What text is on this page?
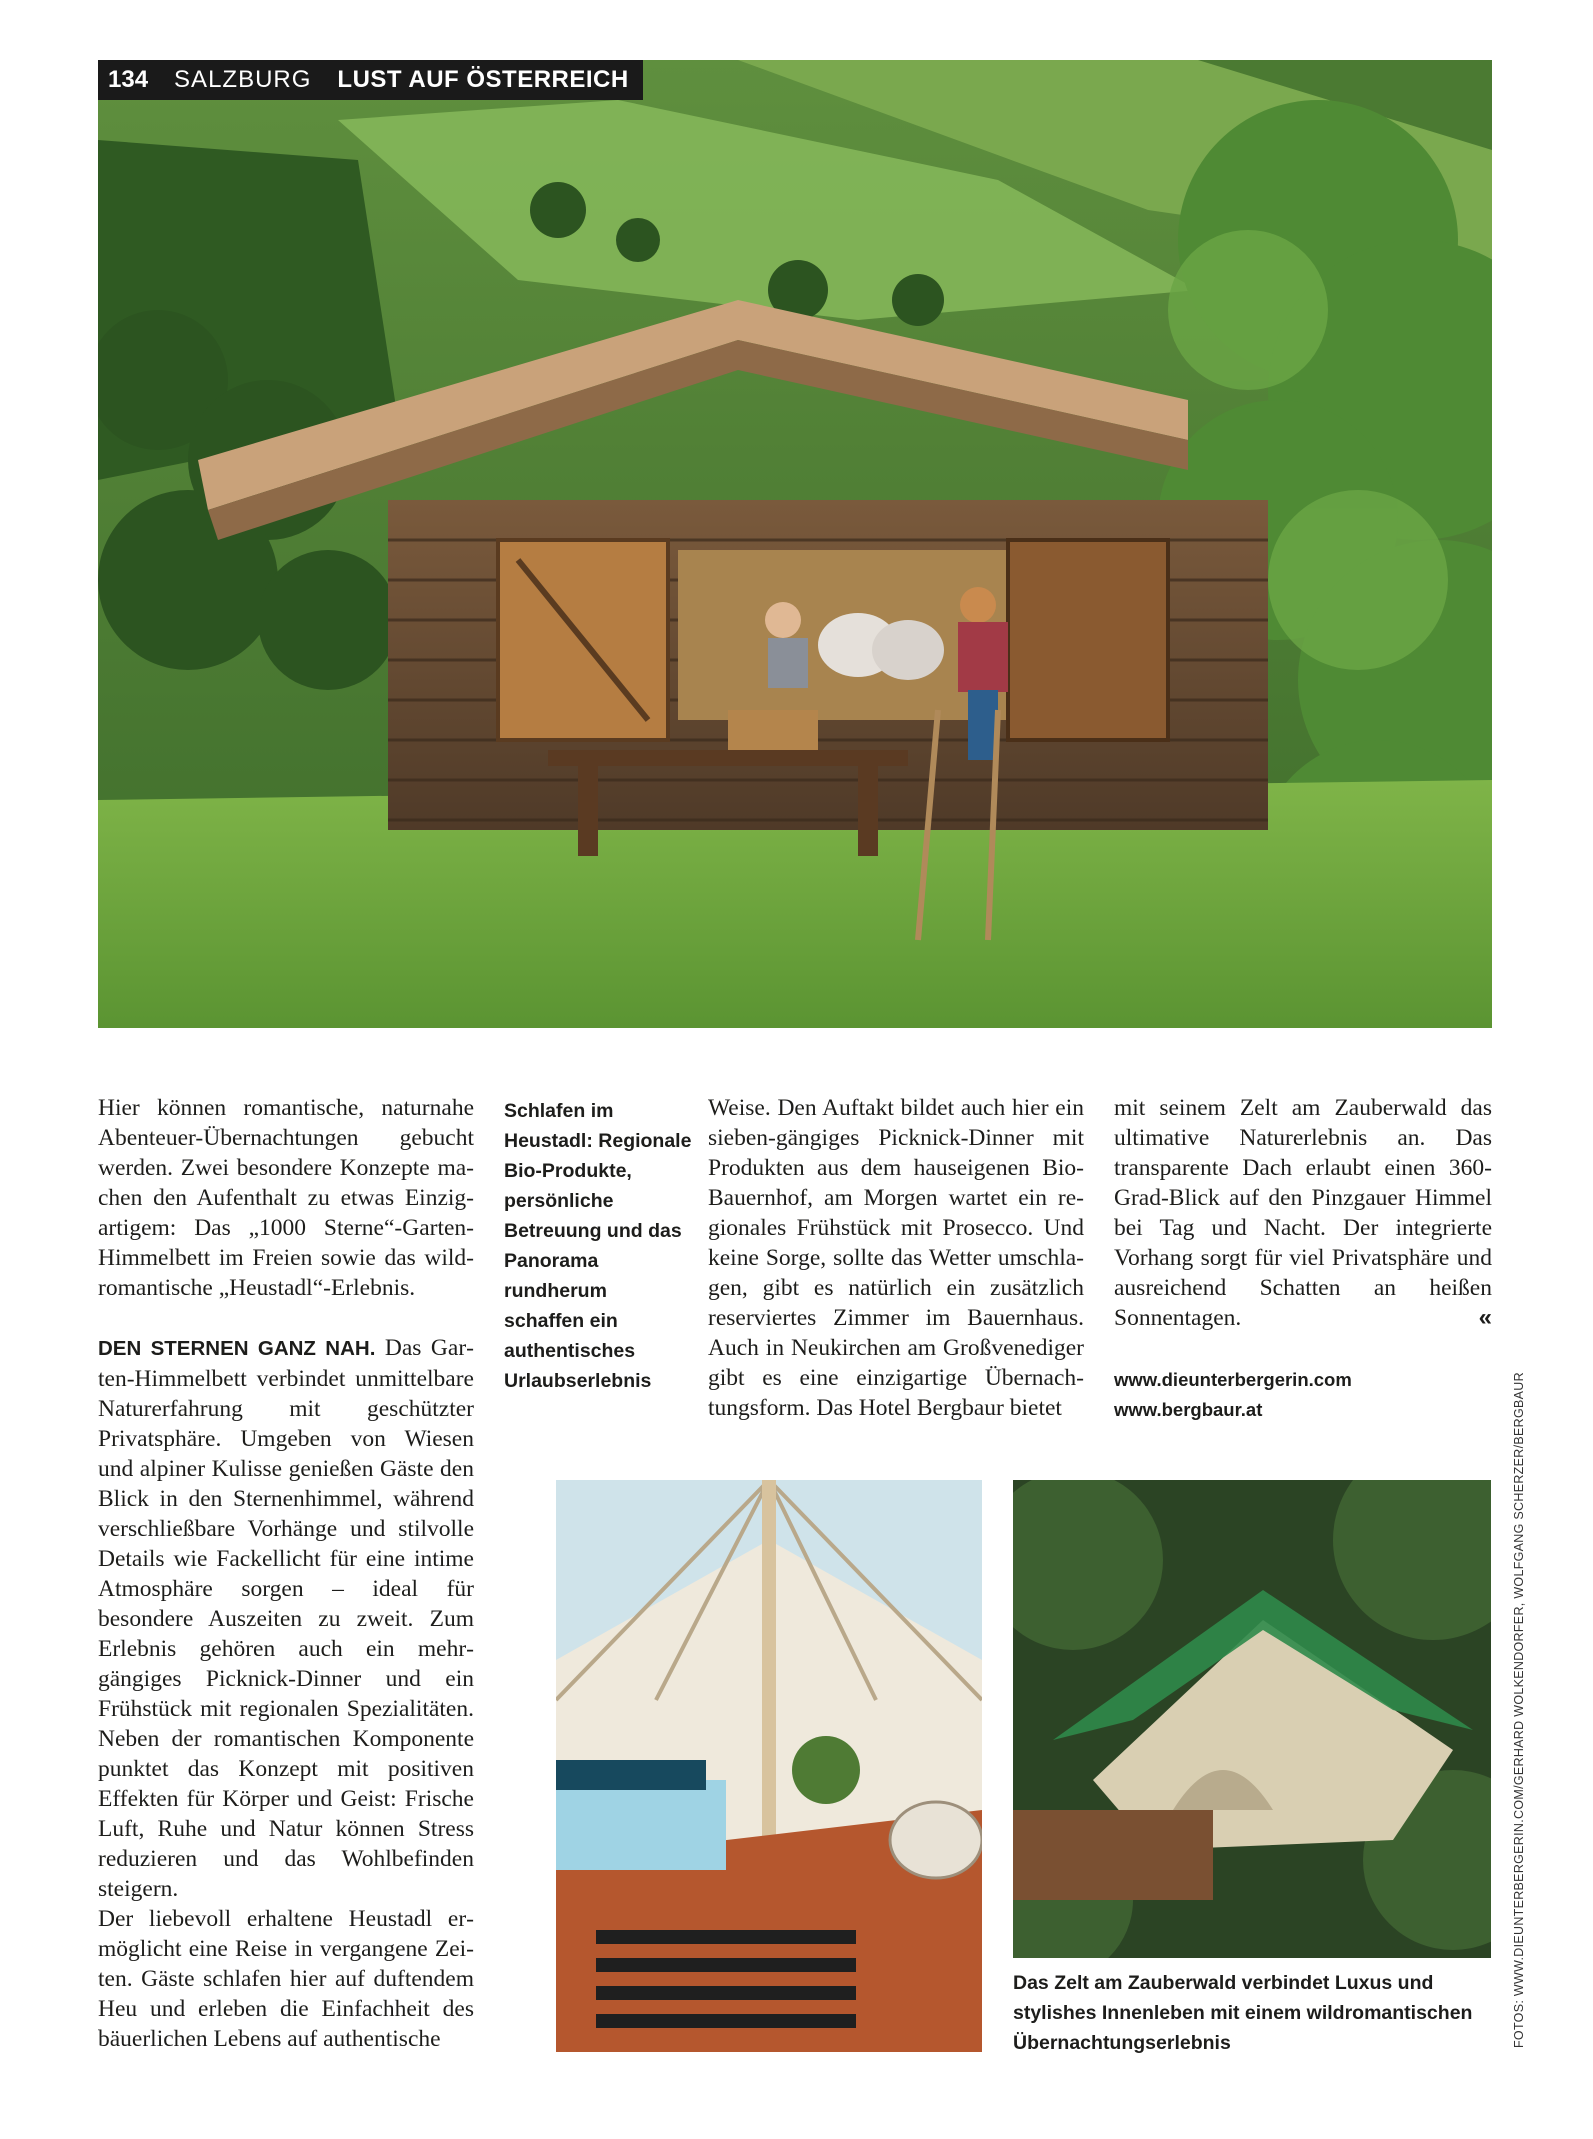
134 SALZBURG LUST AUF ÖSTERREICH

Hier können romantische, naturnahe Abenteuer-Übernachtungen gebucht werden. Zwei besondere Konzepte machen den Aufenthalt zu etwas Einzigartigem: Das „1000 Sterne“-Garten-Himmelbett im Freien sowie das wildromantische „Heustadl“-Erlebnis.

DEN STERNEN GANZ NAH. Das Garten-Himmelbett verbindet unmittelbare Naturerfahrung mit geschützter Privatsphäre. Umgeben von Wiesen und alpiner Kulisse genießen Gäste den Blick in den Sternenhimmel, während verschließbare Vorhänge und stilvolle Details wie Fackellicht für eine intime Atmosphäre sorgen – ideal für besondere Auszeiten zu zweit. Zum Erlebnis gehören auch ein mehrgängiges Picknick-Dinner und ein Frühstück mit regionalen Spezialitäten. Neben der romantischen Komponente punktet das Konzept mit positiven Effekten für Körper und Geist: Frische Luft, Ruhe und Natur können Stress reduzieren und das Wohlbefinden steigern.

Der liebevoll erhaltene Heustadl ermöglicht eine Reise in vergangene Zeiten. Gäste schlafen hier auf duftendem Heu und erleben die Einfachheit des bäuerlichen Lebens auf authentische

Schlafen im Heustadl: Regionale Bio-Produkte, persönliche Betreuung und das Panorama rundherum schaffen ein authentisches Urlaubserlebnis

Weise. Den Auftakt bildet auch hier ein sieben-gängiges Picknick-Dinner mit Produkten aus dem hauseigenen Bio-Bauernhof, am Morgen wartet ein regionales Frühstück mit Prosecco. Und keine Sorge, sollte das Wetter umschlagen, gibt es natürlich ein zusätzlich reserviertes Zimmer im Bauernhaus. Auch in Neukirchen am Großvenediger gibt es eine einzigartige Übernachtungsform. Das Hotel Bergbaur bietet

mit seinem Zelt am Zauberwald das ultimative Naturerlebnis an. Das transparente Dach erlaubt einen 360-Grad-Blick auf den Pinzgauer Himmel bei Tag und Nacht. Der integrierte Vorhang sorgt für viel Privatsphäre und ausreichend Schatten an heißen Sonnentagen.	«

www.dieunterbergerin.com
www.bergbaur.at
Das Zelt am Zauberwald verbindet Luxus und stylishes Innenleben mit einem wildromantischen Übernachtungserlebnis	FOTOS: WWW.DIEUNTERBERGERIN.COM/GERHARD WOLKENDORFER, WOLFGANG SCHERZER/BERGBAUR
